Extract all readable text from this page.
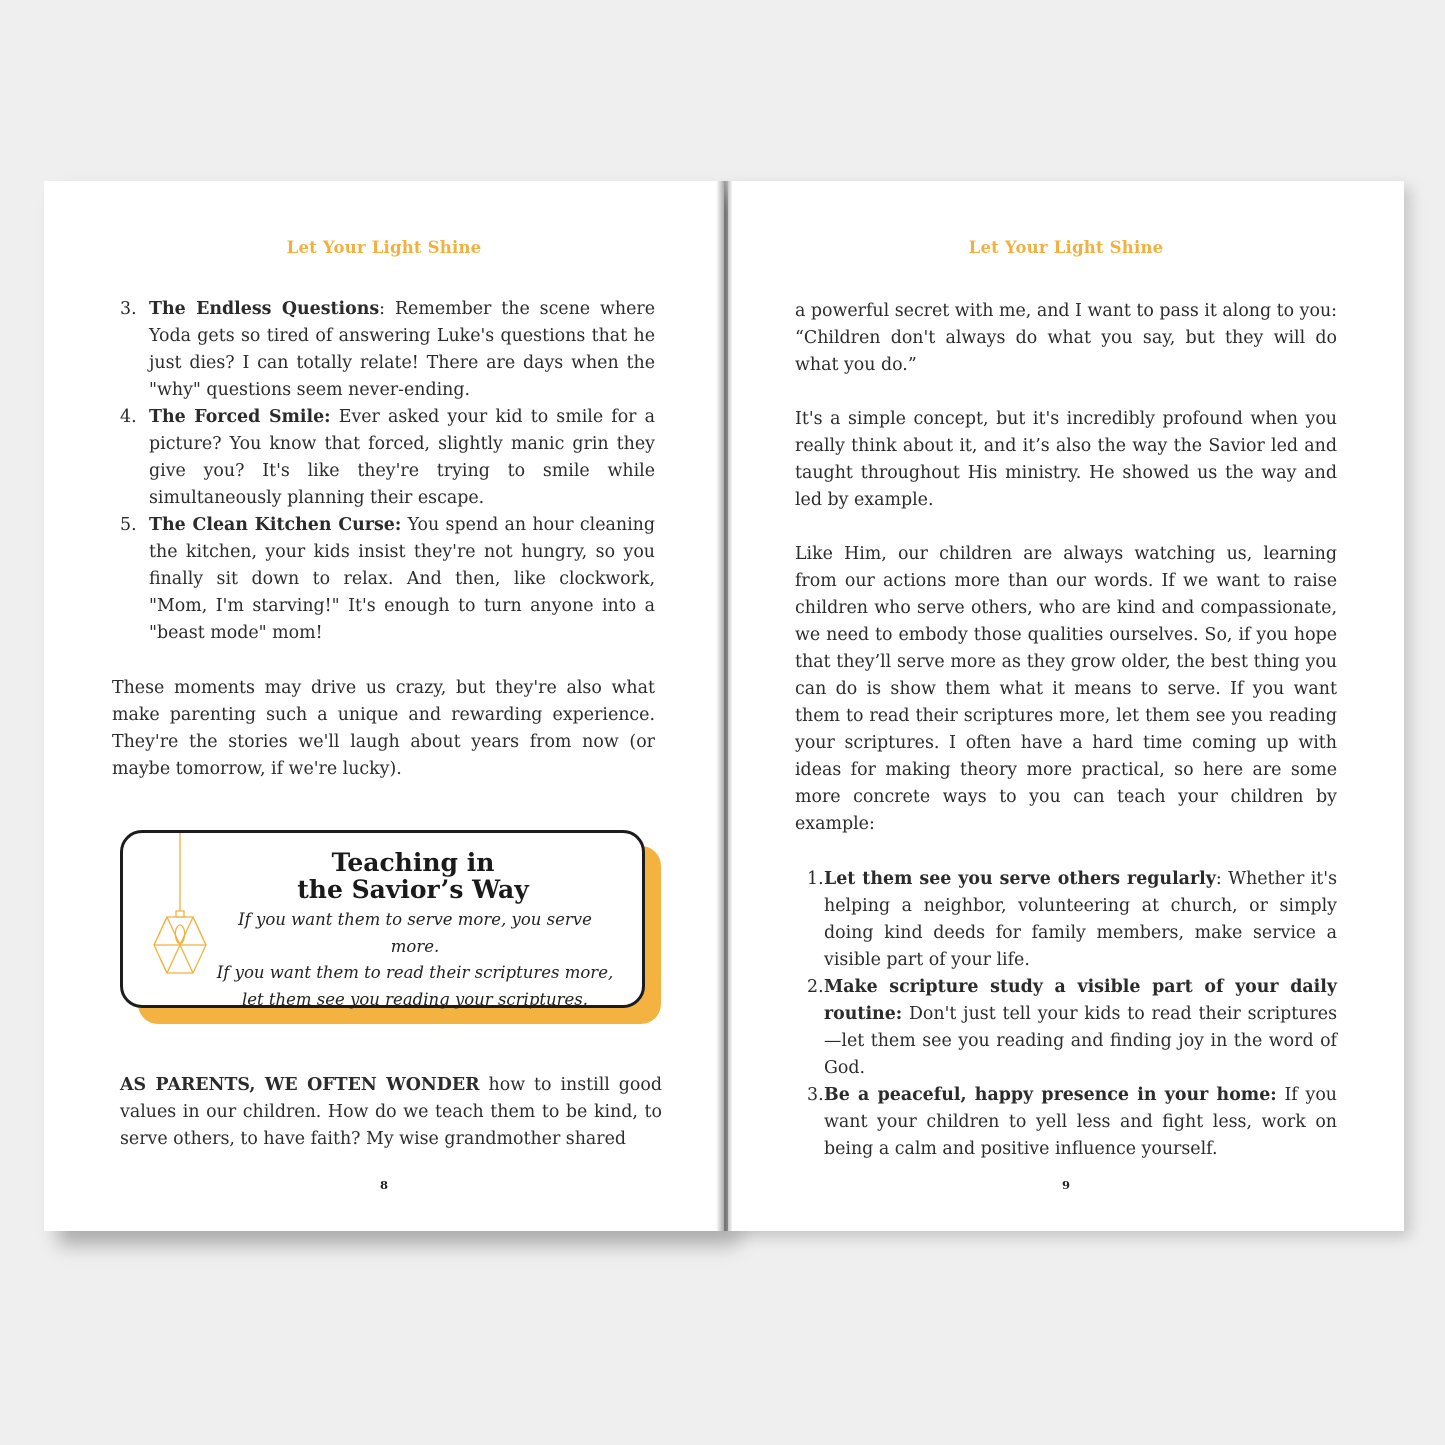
Let Your Light Shine
3. The Endless Questions: Remember the scene where Yoda gets so tired of answering Luke's questions that he just dies? I can totally relate! There are days when the "why" questions seem never-ending.
4. The Forced Smile: Ever asked your kid to smile for a picture? You know that forced, slightly manic grin they give you? It's like they're trying to smile while simultaneously planning their escape.
5. The Clean Kitchen Curse: You spend an hour cleaning the kitchen, your kids insist they're not hungry, so you finally sit down to relax. And then, like clockwork, "Mom, I'm starving!" It's enough to turn anyone into a "beast mode" mom!

These moments may drive us crazy, but they're also what make parenting such a unique and rewarding experience. They're the stories we'll laugh about years from now (or maybe tomorrow, if we're lucky).

Teaching in
the Savior’s Way
If you want them to serve more, you serve more.
If you want them to read their scriptures more,
let them see you reading your scriptures.

AS PARENTS, WE OFTEN WONDER how to instill good values in our children. How do we teach them to be kind, to serve others, to have faith? My wise grandmother shared

8
Let Your Light Shine

a powerful secret with me, and I want to pass it along to you: “Children don't always do what you say, but they will do what you do.”

It's a simple concept, but it's incredibly profound when you really think about it, and it’s also the way the Savior led and taught throughout His ministry. He showed us the way and led by example.

Like Him, our children are always watching us, learning from our actions more than our words. If we want to raise children who serve others, who are kind and compassionate, we need to embody those qualities ourselves. So, if you hope that they’ll serve more as they grow older, the best thing you can do is show them what it means to serve. If you want them to read their scriptures more, let them see you reading your scriptures. I often have a hard time coming up with ideas for making theory more practical, so here are some more concrete ways to you can teach your children by example:

1. Let them see you serve others regularly: Whether it's helping a neighbor, volunteering at church, or simply doing kind deeds for family members, make service a visible part of your life.
2. Make scripture study a visible part of your daily routine: Don't just tell your kids to read their scriptures—let them see you reading and finding joy in the word of God.
3. Be a peaceful, happy presence in your home: If you want your children to yell less and fight less, work on being a calm and positive influence yourself.
9
